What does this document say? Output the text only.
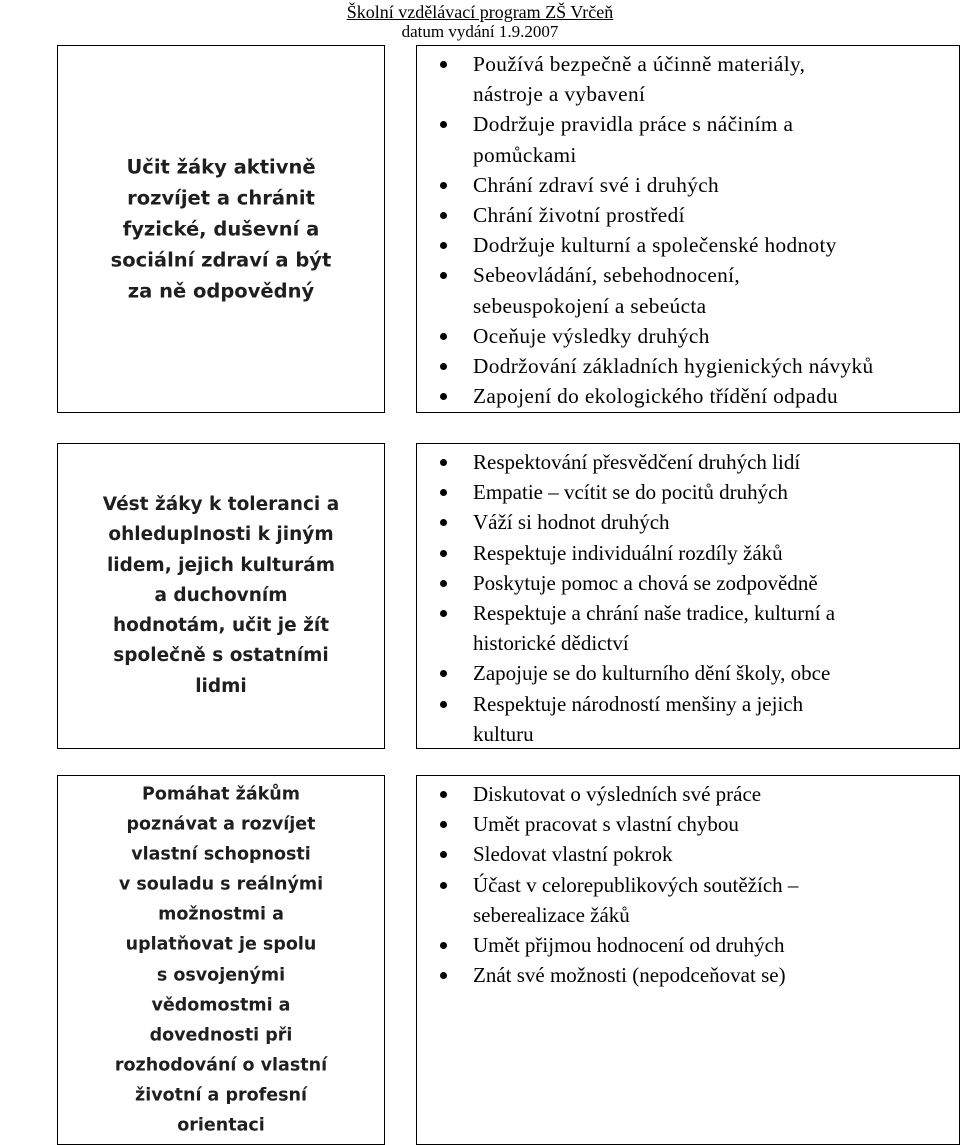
Školní vzdělávací program ZŠ Vrčeň
datum vydání 1.9.2007
Učit žáky aktivně
rozvíjet a chránit
fyzické, duševní a
sociální zdraví a být
za ně odpovědný
Používá bezpečně a účinně materiály,
nástroje a vybavení
Dodržuje pravidla práce s náčiním a
pomůckami
Chrání zdraví své i druhých
Chrání životní prostředí
Dodržuje kulturní a společenské hodnoty
Sebeovládání, sebehodnocení,
sebeuspokojení a sebeúcta
Oceňuje výsledky druhých
Dodržování základních hygienických návyků
Zapojení do ekologického třídění odpadu
Vést žáky k toleranci a
ohleduplnosti k jiným
lidem, jejich kulturám
a duchovním
hodnotám, učit je žít
společně s ostatními
lidmi
Respektování přesvědčení druhých lidí
Empatie – vcítit se do pocitů druhých
Váží si hodnot druhých
Respektuje individuální rozdíly žáků
Poskytuje pomoc a chová se zodpovědně
Respektuje a chrání naše tradice, kulturní a
historické dědictví
Zapojuje se do kulturního dění školy, obce
Respektuje národností menšiny a jejich
kulturu
Pomáhat žákům
poznávat a rozvíjet
vlastní schopnosti
v souladu s reálnými
možnostmi a
uplatňovat je spolu
s osvojenými
vědomostmi a
dovednosti při
rozhodování o vlastní
životní a profesní
orientaci
Diskutovat o výsledních své práce
Umět pracovat s vlastní chybou
Sledovat vlastní pokrok
Účast v celorepublikových soutěžích –
seberealizace žáků
Umět přijmou hodnocení od druhých
Znát své možnosti (nepodceňovat se)
